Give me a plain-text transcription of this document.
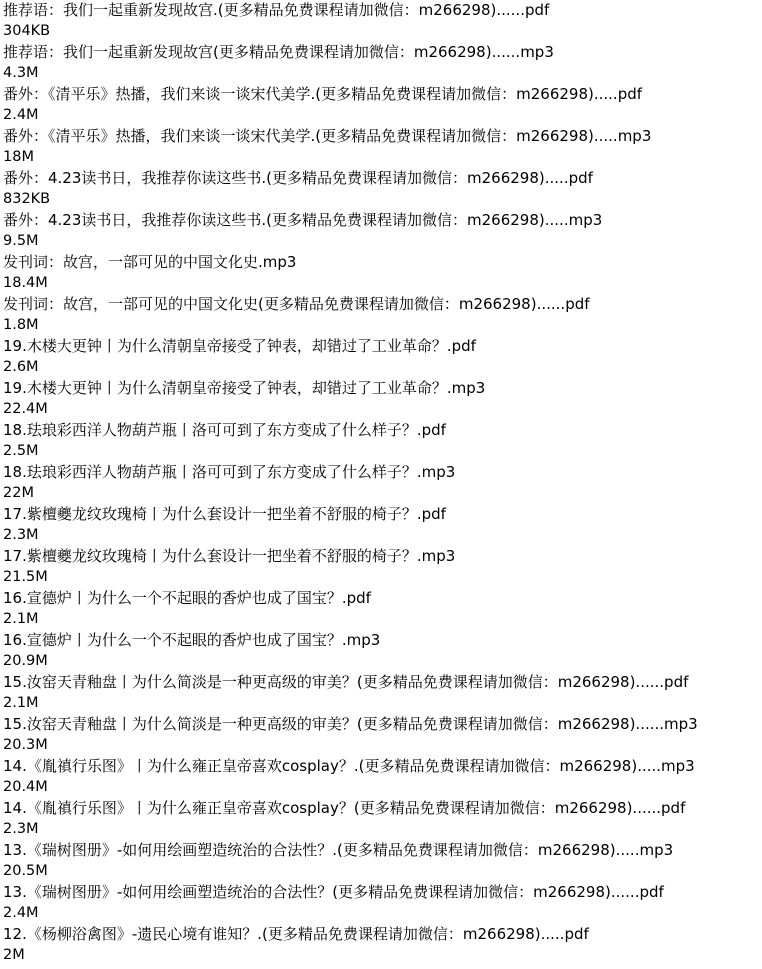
推荐语：我们一起重新发现故宫.(更多精品免费课程请加微信：m266298)......pdf
304KB
推荐语：我们一起重新发现故宫(更多精品免费课程请加微信：m266298)......mp3
4.3M
番外：《清平乐》热播，我们来谈一谈宋代美学.(更多精品免费课程请加微信：m266298).....pdf
2.4M
番外：《清平乐》热播，我们来谈一谈宋代美学.(更多精品免费课程请加微信：m266298).....mp3
18M
番外：4.23读书日，我推荐你读这些书.(更多精品免费课程请加微信：m266298).....pdf
832KB
番外：4.23读书日，我推荐你读这些书.(更多精品免费课程请加微信：m266298).....mp3
9.5M
发刊词：故宫，一部可见的中国文化史.mp3
18.4M
发刊词：故宫，一部可见的中国文化史(更多精品免费课程请加微信：m266298)......pdf
1.8M
19.木楼大更钟丨为什么清朝皇帝接受了钟表，却错过了工业革命？.pdf
2.6M
19.木楼大更钟丨为什么清朝皇帝接受了钟表，却错过了工业革命？.mp3
22.4M
18.珐琅彩西洋人物葫芦瓶丨洛可可到了东方变成了什么样子？.pdf
2.5M
18.珐琅彩西洋人物葫芦瓶丨洛可可到了东方变成了什么样子？.mp3
22M
17.紫檀夔龙纹玫瑰椅丨为什么套设计一把坐着不舒服的椅子？.pdf
2.3M
17.紫檀夔龙纹玫瑰椅丨为什么套设计一把坐着不舒服的椅子？.mp3
21.5M
16.宣德炉丨为什么一个不起眼的香炉也成了国宝？.pdf
2.1M
16.宣德炉丨为什么一个不起眼的香炉也成了国宝？.mp3
20.9M
15.汝窑天青釉盘丨为什么简淡是一种更高级的审美？(更多精品免费课程请加微信：m266298)......pdf
2.1M
15.汝窑天青釉盘丨为什么简淡是一种更高级的审美？(更多精品免费课程请加微信：m266298)......mp3
20.3M
14.《胤禛行乐图》丨为什么雍正皇帝喜欢cosplay？.(更多精品免费课程请加微信：m266298).....mp3
20.4M
14.《胤禛行乐图》丨为什么雍正皇帝喜欢cosplay？(更多精品免费课程请加微信：m266298)......pdf
2.3M
13.《瑞树图册》-如何用绘画塑造统治的合法性？.(更多精品免费课程请加微信：m266298).....mp3
20.5M
13.《瑞树图册》-如何用绘画塑造统治的合法性？(更多精品免费课程请加微信：m266298)......pdf
2.4M
12.《杨柳浴禽图》-遗民心境有谁知？.(更多精品免费课程请加微信：m266298).....pdf
2M
